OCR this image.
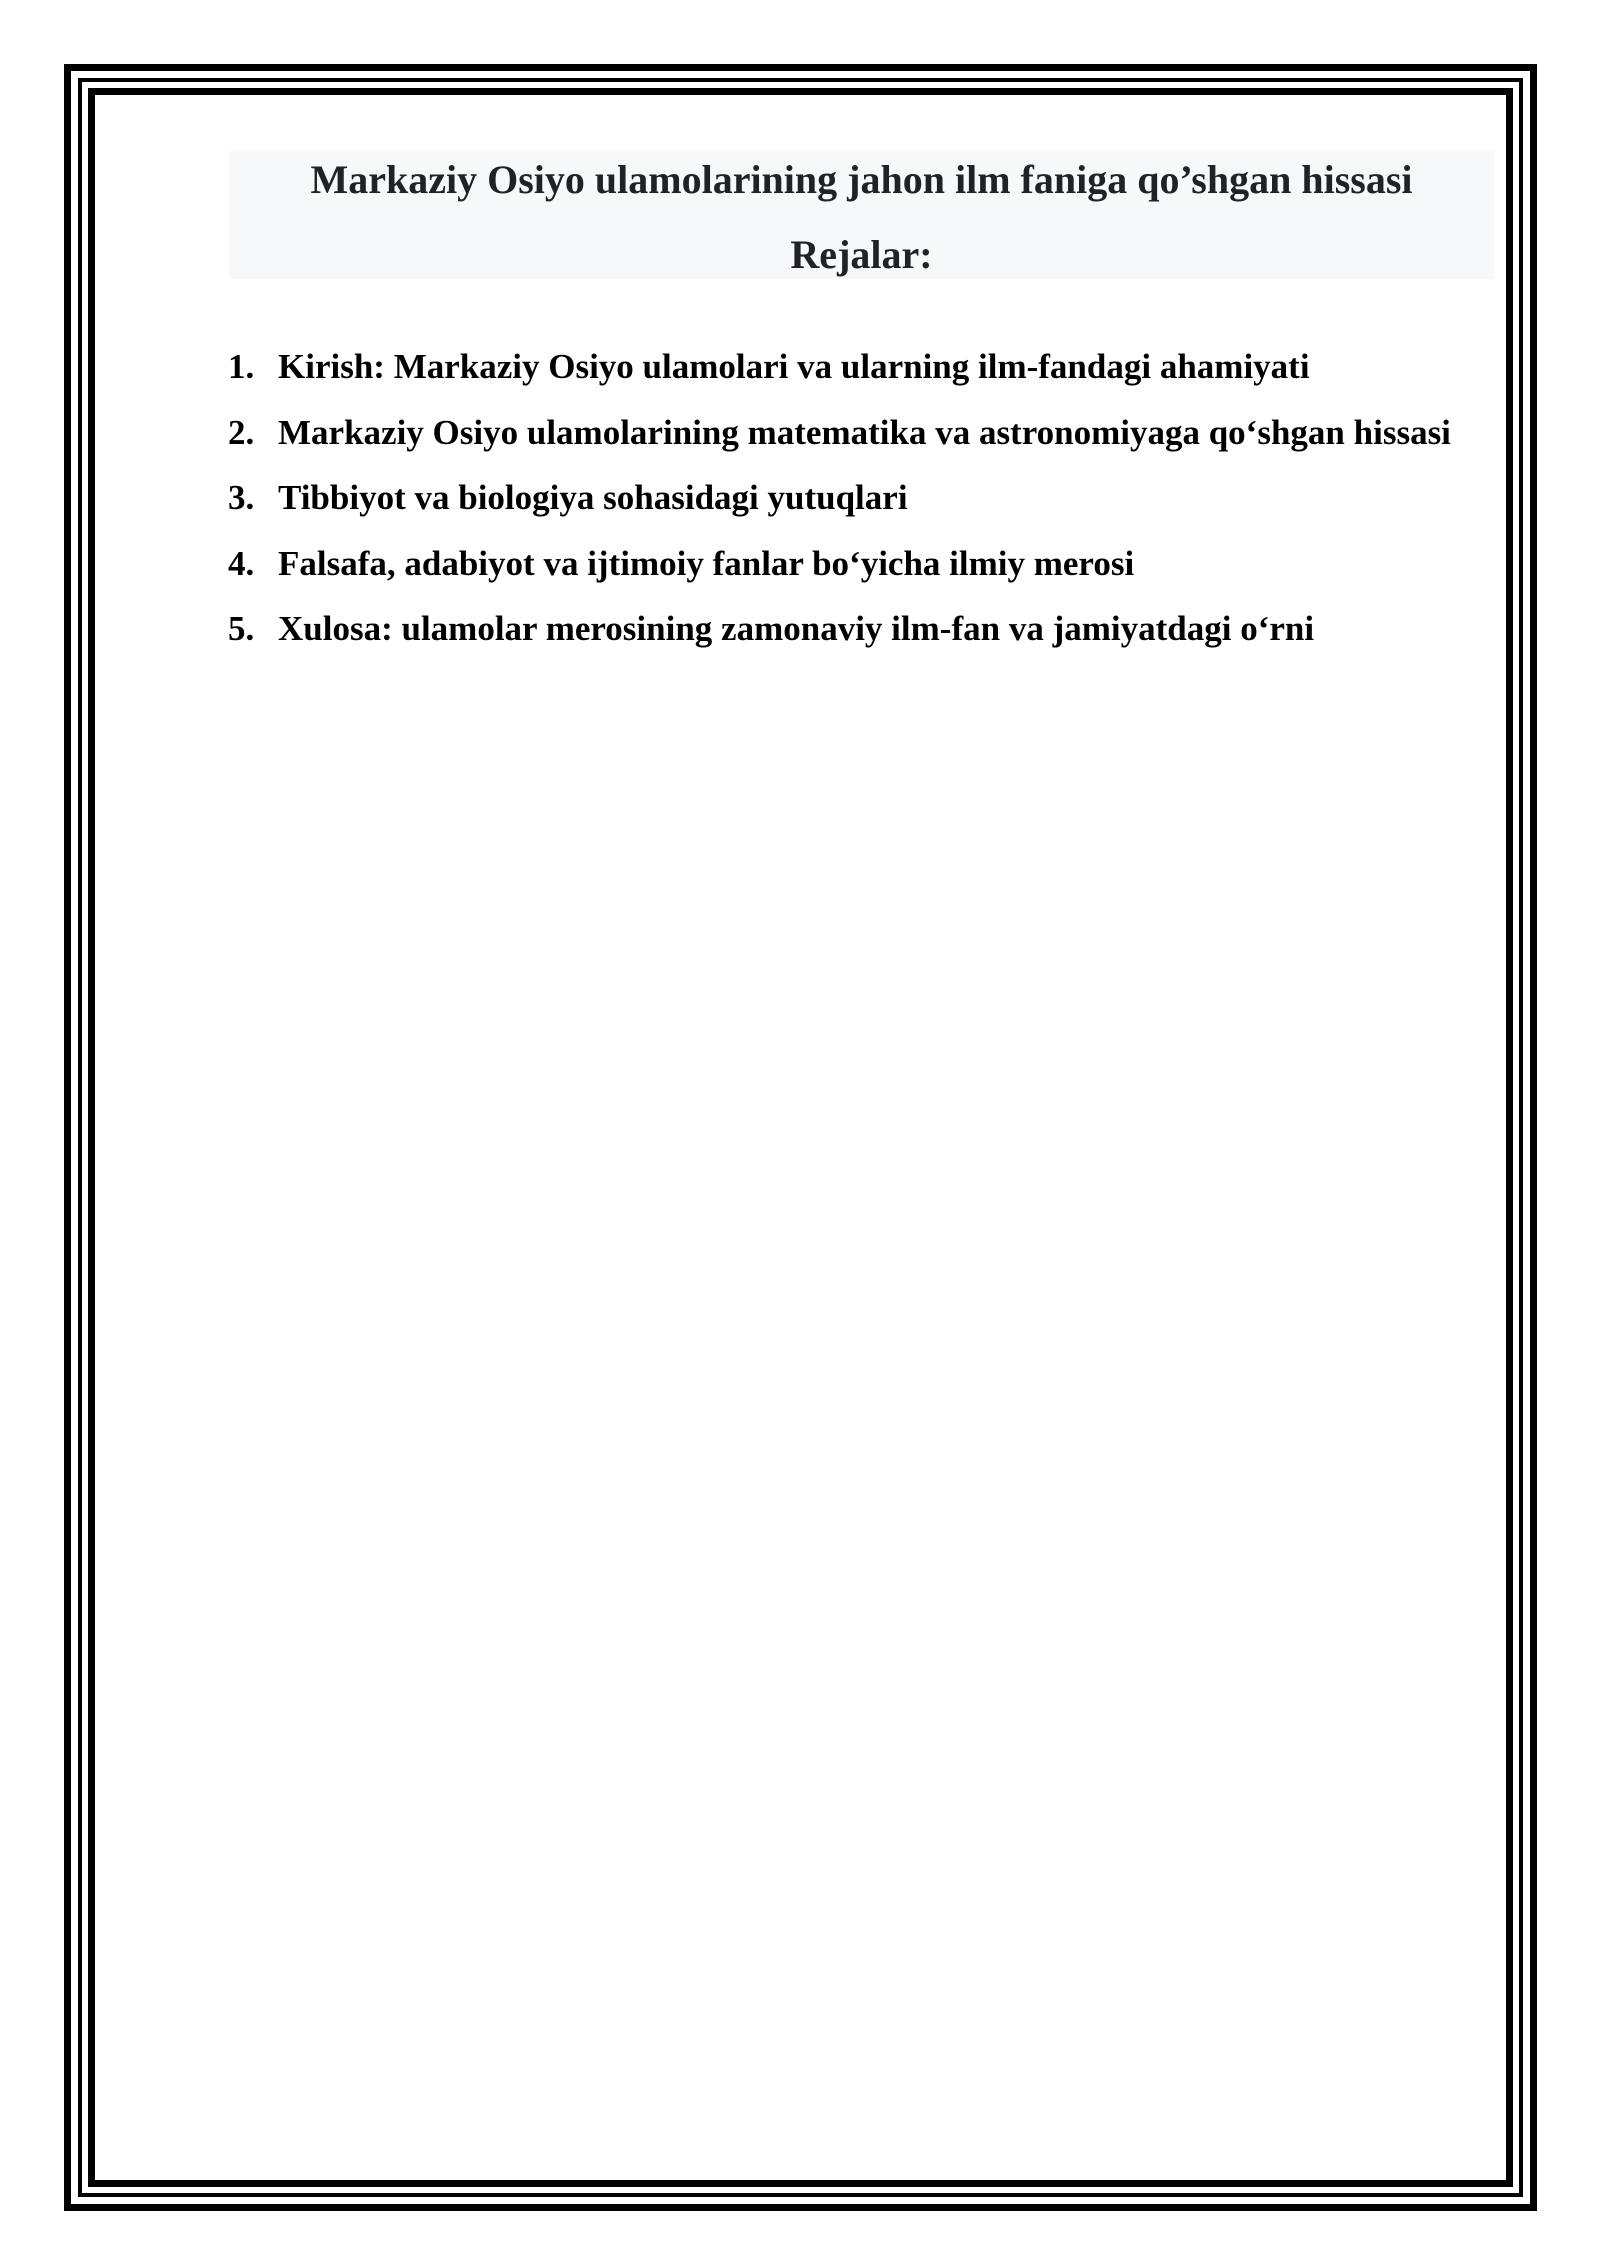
Markaziy Osiyo ulamolarining jahon ilm faniga qo’shgan hissasi
Rejalar:
1. Kirish: Markaziy Osiyo ulamolari va ularning ilm-fandagi ahamiyati
2. Markaziy Osiyo ulamolarining matematika va astronomiyaga qo‘shgan hissasi
3. Tibbiyot va biologiya sohasidagi yutuqlari
4. Falsafa, adabiyot va ijtimoiy fanlar bo‘yicha ilmiy merosi
5. Xulosa: ulamolar merosining zamonaviy ilm-fan va jamiyatdagi o‘rni
